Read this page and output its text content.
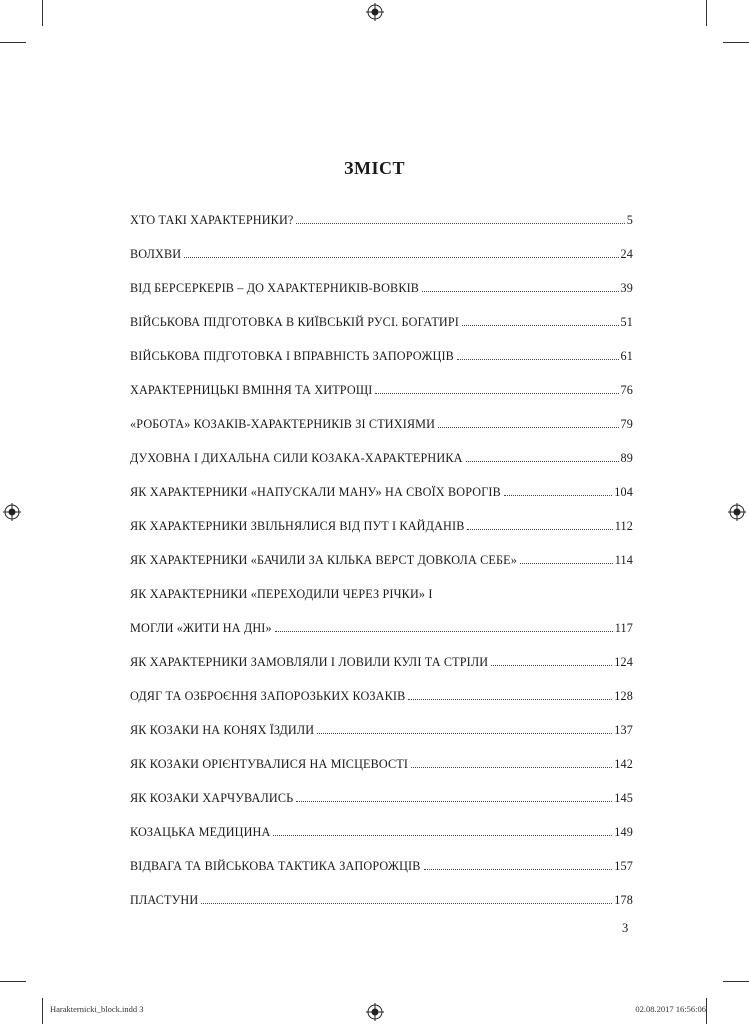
ЗМІСТ
ХТО ТАКІ ХАРАКТЕРНИКИ?	5
ВОЛХВИ	24
ВІД БЕРСЕРКЕРІВ – ДО ХАРАКТЕРНИКІВ-ВОВКІВ	39
ВІЙСЬКОВА ПІДГОТОВКА В КИЇВСЬКІЙ РУСІ. БОГАТИРІ	51
ВІЙСЬКОВА ПІДГОТОВКА І ВПРАВНІСТЬ ЗАПОРОЖЦІВ	61
ХАРАКТЕРНИЦЬКІ ВМІННЯ ТА ХИТРОЩІ	76
«РОБОТА» КОЗАКІВ-ХАРАКТЕРНИКІВ ЗІ СТИХІЯМИ	79
ДУХОВНА І ДИХАЛЬНА СИЛИ КОЗАКА-ХАРАКТЕРНИКА	89
ЯК ХАРАКТЕРНИКИ «НАПУСКАЛИ МАНУ» НА СВОЇХ ВОРОГІВ	104
ЯК ХАРАКТЕРНИКИ ЗВІЛЬНЯЛИСЯ ВІД ПУТ І КАЙДАНІВ	112
ЯК ХАРАКТЕРНИКИ «БАЧИЛИ ЗА КІЛЬКА ВЕРСТ ДОВКОЛА СЕБЕ»	114
ЯК ХАРАКТЕРНИКИ «ПЕРЕХОДИЛИ ЧЕРЕЗ РІЧКИ» І
МОГЛИ «ЖИТИ НА ДНІ»	117
ЯК ХАРАКТЕРНИКИ ЗАМОВЛЯЛИ І ЛОВИЛИ КУЛІ ТА СТРІЛИ	124
ОДЯГ ТА ОЗБРОЄННЯ ЗАПОРОЗЬКИХ КОЗАКІВ	128
ЯК КОЗАКИ НА КОНЯХ ЇЗДИЛИ	137
ЯК КОЗАКИ ОРІЄНТУВАЛИСЯ НА МІСЦЕВОСТІ	142
ЯК КОЗАКИ ХАРЧУВАЛИСЬ	145
КОЗАЦЬКА МЕДИЦИНА	149
ВІДВАГА ТА ВІЙСЬКОВА ТАКТИКА ЗАПОРОЖЦІВ	157
ПЛАСТУНИ	178
3
Harakternicki_block.indd 3	02.08.2017 16:56:06
